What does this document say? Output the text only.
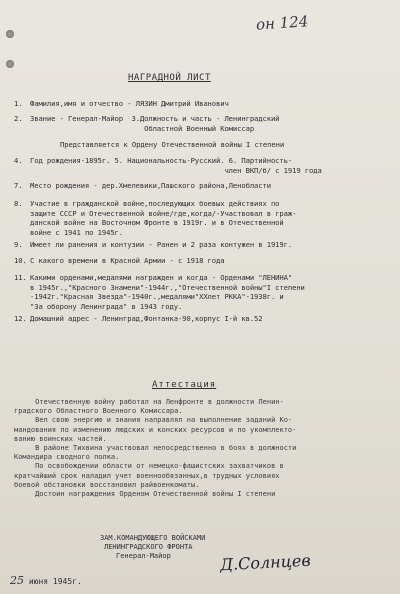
он 124
НАГРАДНОЙ ЛИСТ
1. Фамилия,имя и отчество - ЛЯЗИН Дмитрий Иванович
2. Звание - Генерал-Майор  3.Должность и часть - Ленинградский
Областной Военный Комиссар
Представляется к Ордену Отечественной войны I степени
4. Год рождения-1895г. 5. Национальность-Русский. 6. Партийность-
член ВКП/б/ с 1919 года
7. Место рождения - дер.Хмелевики,Пашского района,Ленобласти
8. Участие в гражданской войне,последующих боевых действиях по
защите СССР и Отечественной войне/где,когда/-Участвовал в граж-
данской войне на Восточном Фронте в 1919г. и в Отечественной
войне с 1941 по 1945г.
9. Имеет ли ранения и контузии - Ранен и 2 раза контужен в 1919г.
10. С какого времени в Красной Армии - с 1918 года
11. Какими орденами,медалями награжден и когда - Орденами "ЛЕНИНА"
в 1945г.,"Красного Знамени"-1944г.,"Отечественной войны"I степени
-1942г."Красная Звезда"-1940г.,медалями"ХХлет РККА"-1938г. и
"За оборону Ленинграда" в 1943 году.
12. Домашний адрес - Ленинград,Фонтанка-90,корпус I-й кв.52
Аттестация
Отечественную войну работал на Ленфронте в должности Ленин-
градского Областного Военного Комиссара.
Вел свою энергию и знания направлял на выполнение заданий Ко-
мандования по изменению людских и конских ресурсов и по укомплекто-
ванию воинских частей.
В районе Тихвина участвовал непосредственно в боях в должности
Командира сводного полка.
По освобождении области от немецко-фашистских захватчиков в
кратчайший срок наладил учет военнообязанных,в трудных условиях
боевой обстановки восстановил райвоенкоматы.
Достоин награждения Орденом Отечественной войны I степени
ЗАМ.КОМАНДУЮЩЕГО ВОЙСКАМИ
ЛЕНИНГРАДСКОГО ФРОНТА
Генерал-Майор	Д.Солнцев
25 июня 1945г.
